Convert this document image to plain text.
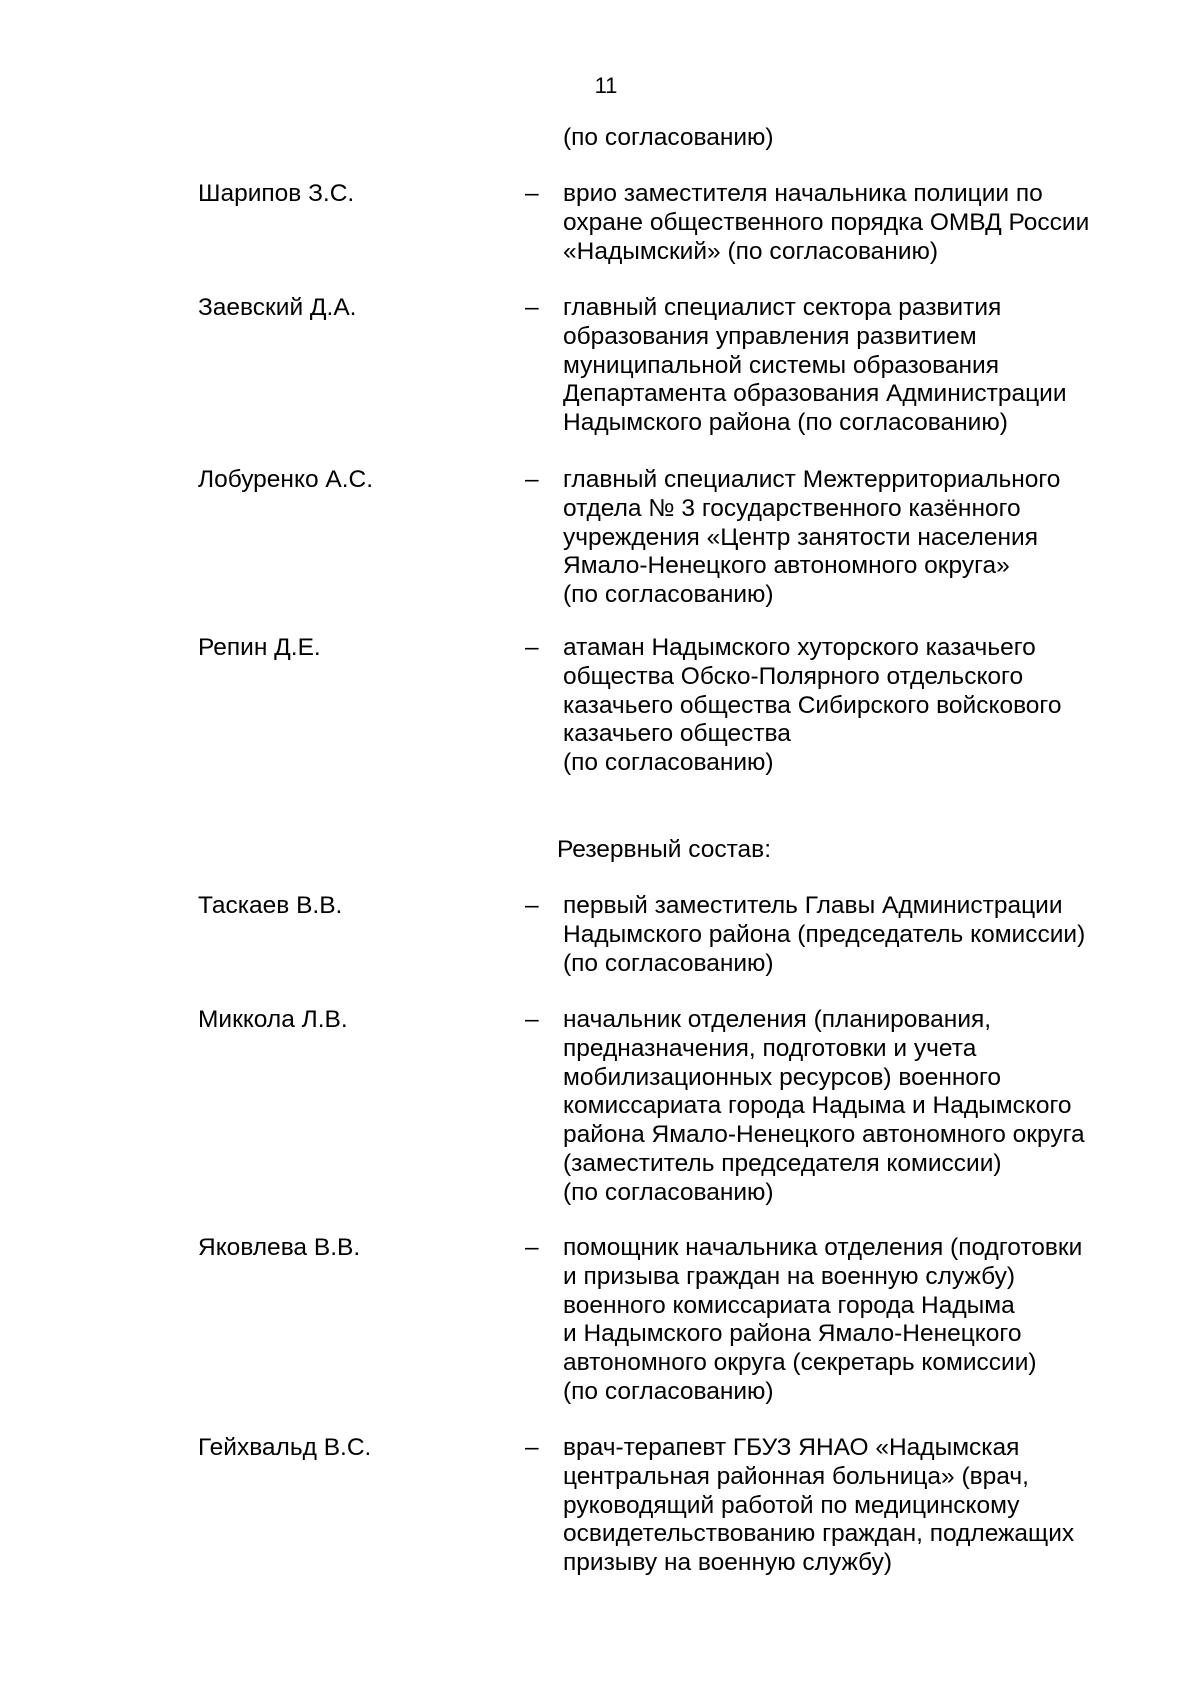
11
(по согласованию)
Шарипов З.С.	– врио заместителя начальника полиции по
охране общественного порядка ОМВД России
«Надымский» (по согласованию)
Заевский Д.А.	– главный специалист сектора развития
образования управления развитием
муниципальной системы образования
Департамента образования Администрации
Надымского района (по согласованию)
Лобуренко А.С.	– главный специалист Межтерриториального
отдела № 3 государственного казённого
учреждения «Центр занятости населения
Ямало-Ненецкого автономного округа»
(по согласованию)
Репин Д.Е.	– атаман Надымского хуторского казачьего
общества Обско-Полярного отдельского
казачьего общества Сибирского войскового
казачьего общества
(по согласованию)
Резервный состав:
Таскаев В.В.	– первый заместитель Главы Администрации
Надымского района (председатель комиссии)
(по согласованию)
Миккола Л.В.	– начальник отделения (планирования,
предназначения, подготовки и учета
мобилизационных ресурсов) военного
комиссариата города Надыма и Надымского
района Ямало-Ненецкого автономного округа
(заместитель председателя комиссии)
(по согласованию)
Яковлева В.В.	– помощник начальника отделения (подготовки
и призыва граждан на военную службу)
военного комиссариата города Надыма
и Надымского района Ямало-Ненецкого
автономного округа (секретарь комиссии)
(по согласованию)
Гейхвальд В.С.	– врач-терапевт ГБУЗ ЯНАО «Надымская
центральная районная больница» (врач,
руководящий работой по медицинскому
освидетельствованию граждан, подлежащих
призыву на военную службу)
